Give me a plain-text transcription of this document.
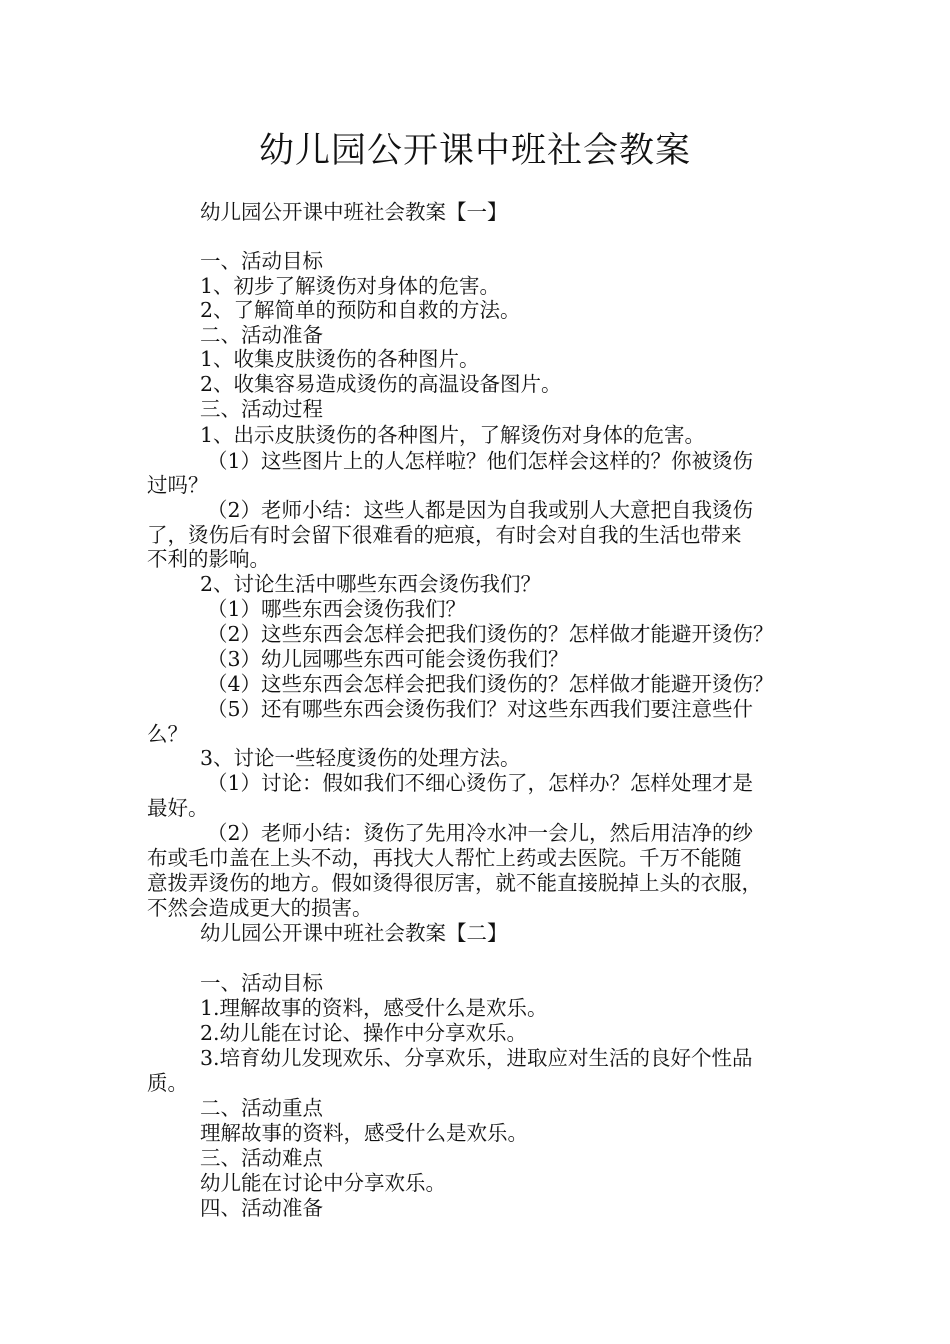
幼儿园公开课中班社会教案
幼儿园公开课中班社会教案【一】
一、活动目标
1、初步了解烫伤对身体的危害。
2、了解简单的预防和自救的方法。
二、活动准备
1、收集皮肤烫伤的各种图片。
2、收集容易造成烫伤的高温设备图片。
三、活动过程
1、出示皮肤烫伤的各种图片，了解烫伤对身体的危害。
（1）这些图片上的人怎样啦？他们怎样会这样的？你被烫伤
过吗？
（2）老师小结：这些人都是因为自我或别人大意把自我烫伤
了，烫伤后有时会留下很难看的疤痕，有时会对自我的生活也带来
不利的影响。
2、讨论生活中哪些东西会烫伤我们？
（1）哪些东西会烫伤我们？
（2）这些东西会怎样会把我们烫伤的？怎样做才能避开烫伤？
（3）幼儿园哪些东西可能会烫伤我们？
（4）这些东西会怎样会把我们烫伤的？怎样做才能避开烫伤？
（5）还有哪些东西会烫伤我们？对这些东西我们要注意些什
么？
3、讨论一些轻度烫伤的处理方法。
（1）讨论：假如我们不细心烫伤了，怎样办？怎样处理才是
最好。
（2）老师小结：烫伤了先用冷水冲一会儿，然后用洁净的纱
布或毛巾盖在上头不动，再找大人帮忙上药或去医院。千万不能随
意拨弄烫伤的地方。假如烫得很厉害，就不能直接脱掉上头的衣服，
不然会造成更大的损害。
幼儿园公开课中班社会教案【二】
一、活动目标
1.理解故事的资料，感受什么是欢乐。
2.幼儿能在讨论、操作中分享欢乐。
3.培育幼儿发现欢乐、分享欢乐，进取应对生活的良好个性品
质。
二、活动重点
理解故事的资料，感受什么是欢乐。
三、活动难点
幼儿能在讨论中分享欢乐。
四、活动准备
